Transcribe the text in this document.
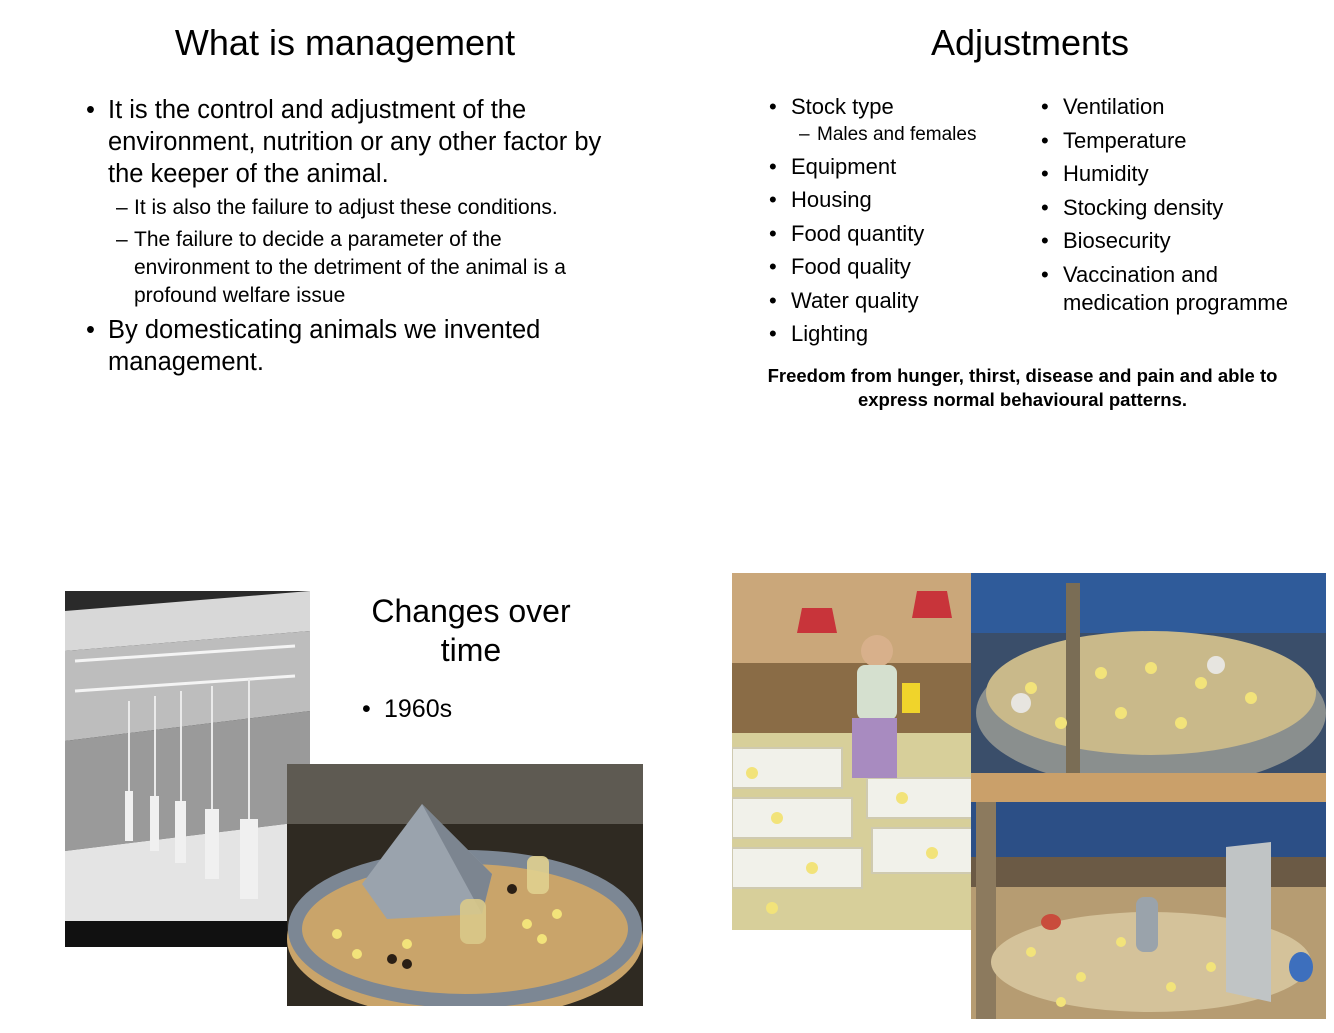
What is management
• It is the control and adjustment of the environment, nutrition or any other factor by the keeper of the animal.
– It is also the failure to adjust these conditions.
– The failure to decide a parameter of the environment to the detriment of the animal is a profound welfare issue
• By domesticating animals we invented management.
Adjustments
• Stock type
– Males and females
• Equipment
• Housing
• Food quantity
• Food quality
• Water quality
• Lighting
• Ventilation
• Temperature
• Humidity
• Stocking density
• Biosecurity
• Vaccination and medication programme
Freedom from hunger, thirst, disease and pain and able to express normal behavioural patterns.
Changes over time
• 1960s
